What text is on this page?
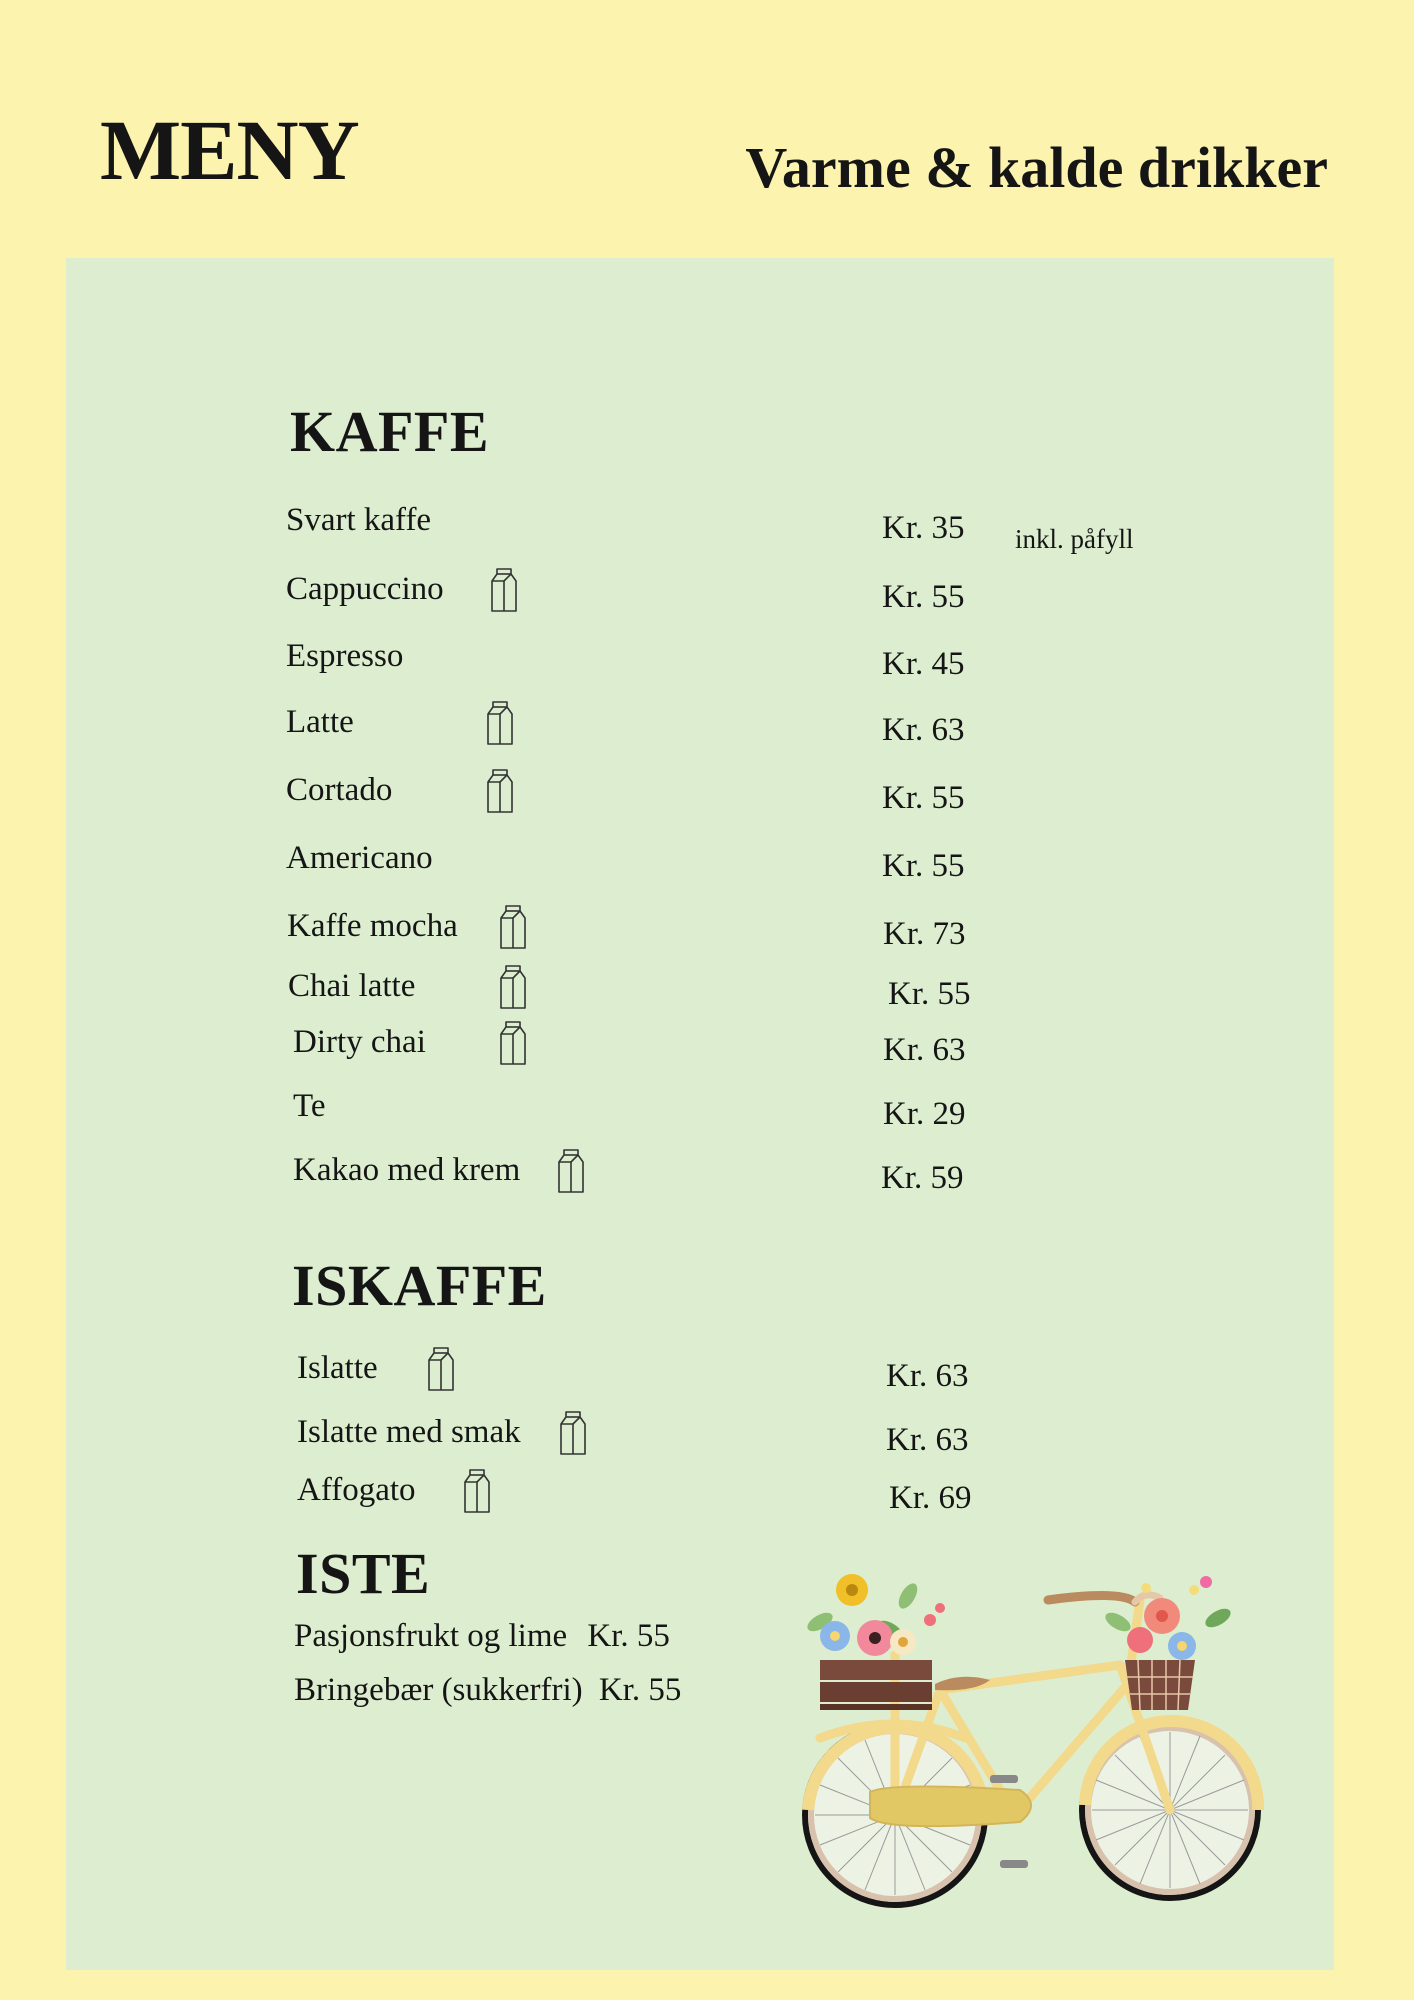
MENY	Varme & kalde drikker
KAFFE
Svart kaffe	Kr. 35 inkl. påfyll
Cappuccino	Kr. 55
Espresso	Kr. 45
Latte	Kr. 63
Cortado	Kr. 55
Americano	Kr. 55
Kaffe mocha	Kr. 73
Chai latte	Kr. 55
Dirty chai	Kr. 63
Te	Kr. 29
Kakao med krem	Kr. 59
ISKAFFE
Islatte	Kr. 63
Islatte med smak	Kr. 63
Affogato	Kr. 69
ISTE
Pasjonsfrukt og lime Kr. 55
Bringebær (sukkerfri) Kr. 55
